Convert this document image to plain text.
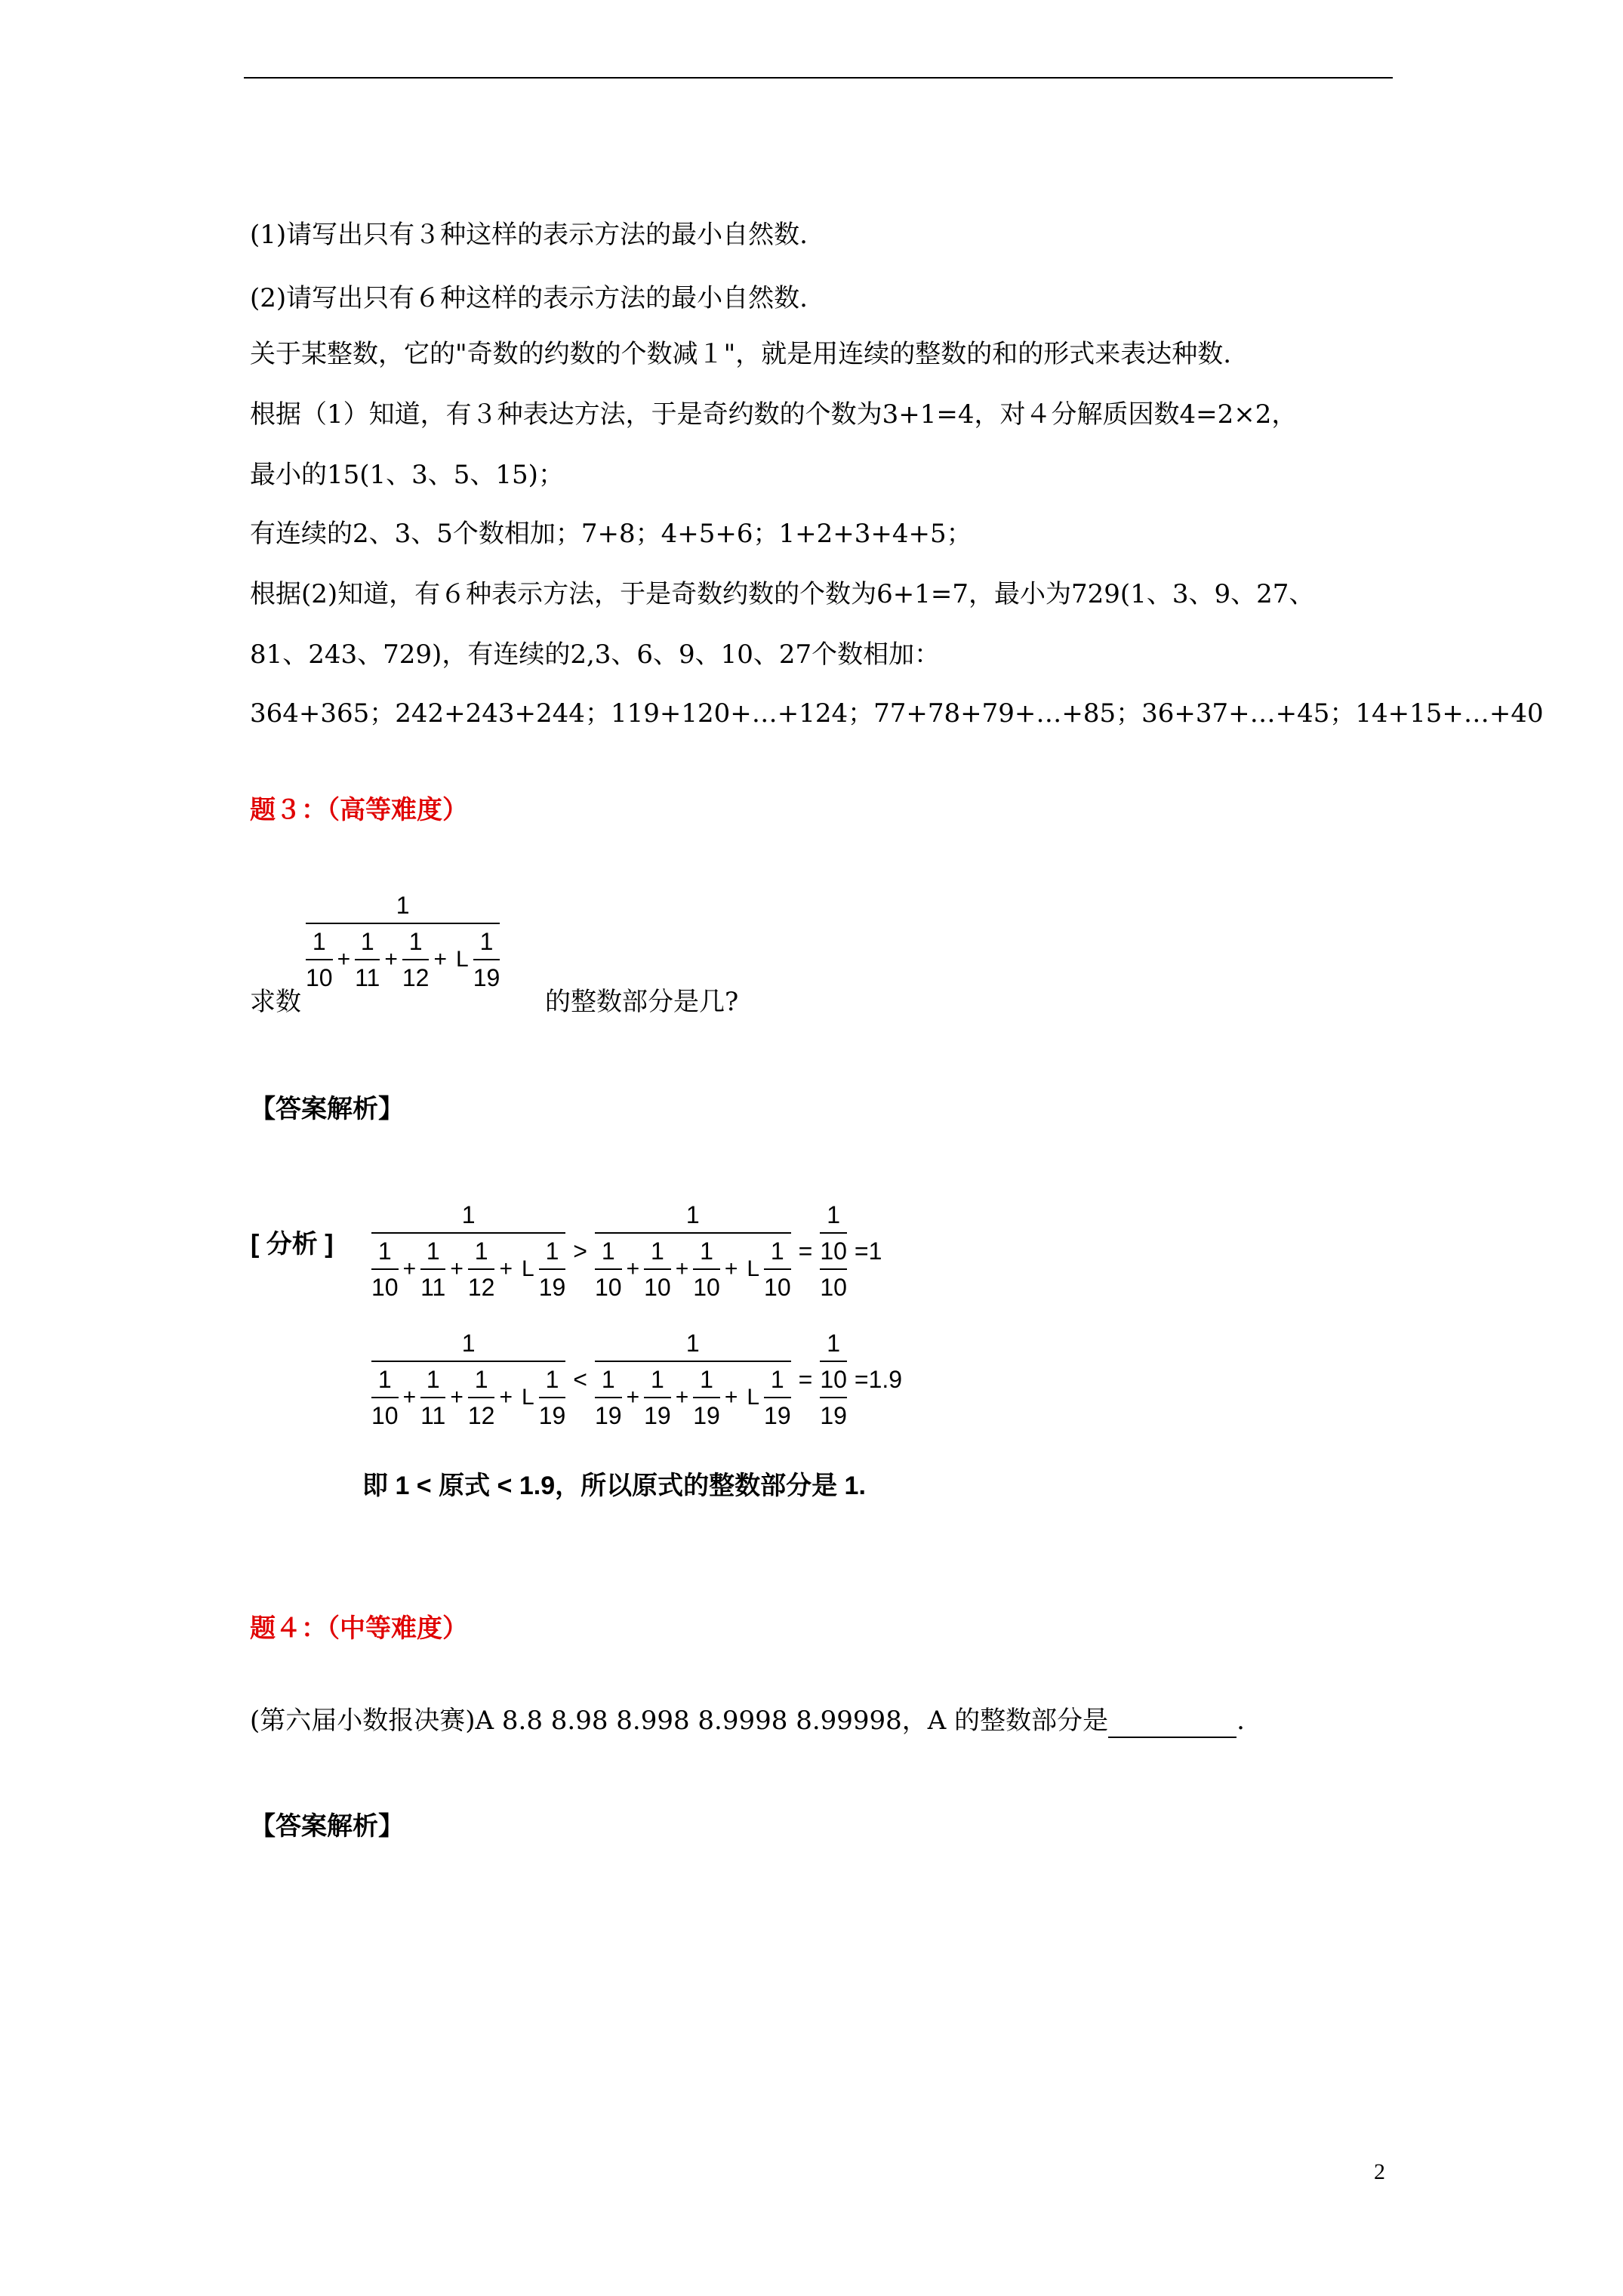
(1)请写出只有３种这样的表示方法的最小自然数.
(2)请写出只有６种这样的表示方法的最小自然数.
关于某整数，它的"奇数的约数的个数减１"，就是用连续的整数的和的形式来表达种数.
根据（1）知道，有３种表达方法，于是奇约数的个数为3+1=4，对４分解质因数4=2×2，
最小的15(1、3、5、15)；
有连续的2、3、5个数相加；7+8；4+5+6；1+2+3+4+5；
根据(2)知道，有６种表示方法，于是奇数约数的个数为6+1=7，最小为729(1、3、9、27、
81、243、729)，有连续的2,3、6、9、10、27个数相加：
364+365；242+243+244；119+120+…+124；77+78+79+…+85；36+37+…+45；14+15+…+40
题３：（高等难度）
求数
$\frac{1}{\frac{1}{10} + \frac{1}{11} + \frac{1}{12} + L \frac{1}{19}}$
的整数部分是几?
【答案解析】
[ 分析 ]
1
$\frac{1}{10} + \frac{1}{11} + \frac{1}{12} + L \frac{1}{19}$ >
1
$\frac{1}{10} + \frac{1}{10} + \frac{1}{10} + L \frac{1}{10} = 1$
10
10 =1
1
$\frac{1}{10} + \frac{1}{11} + \frac{1}{12} + L \frac{1}{19}$ <
1
$\frac{1}{19} + \frac{1}{19} + \frac{1}{19} + L \frac{1}{19} = 1$
10
19 =1.9
即 1 < 原式 < 1.9，所以原式的整数部分是 1.
题４：（中等难度）
(第六届小数报决赛)A 8.8 8.98 8.998 8.9998 8.99998，A 的整数部分是	.
【答案解析】
2
